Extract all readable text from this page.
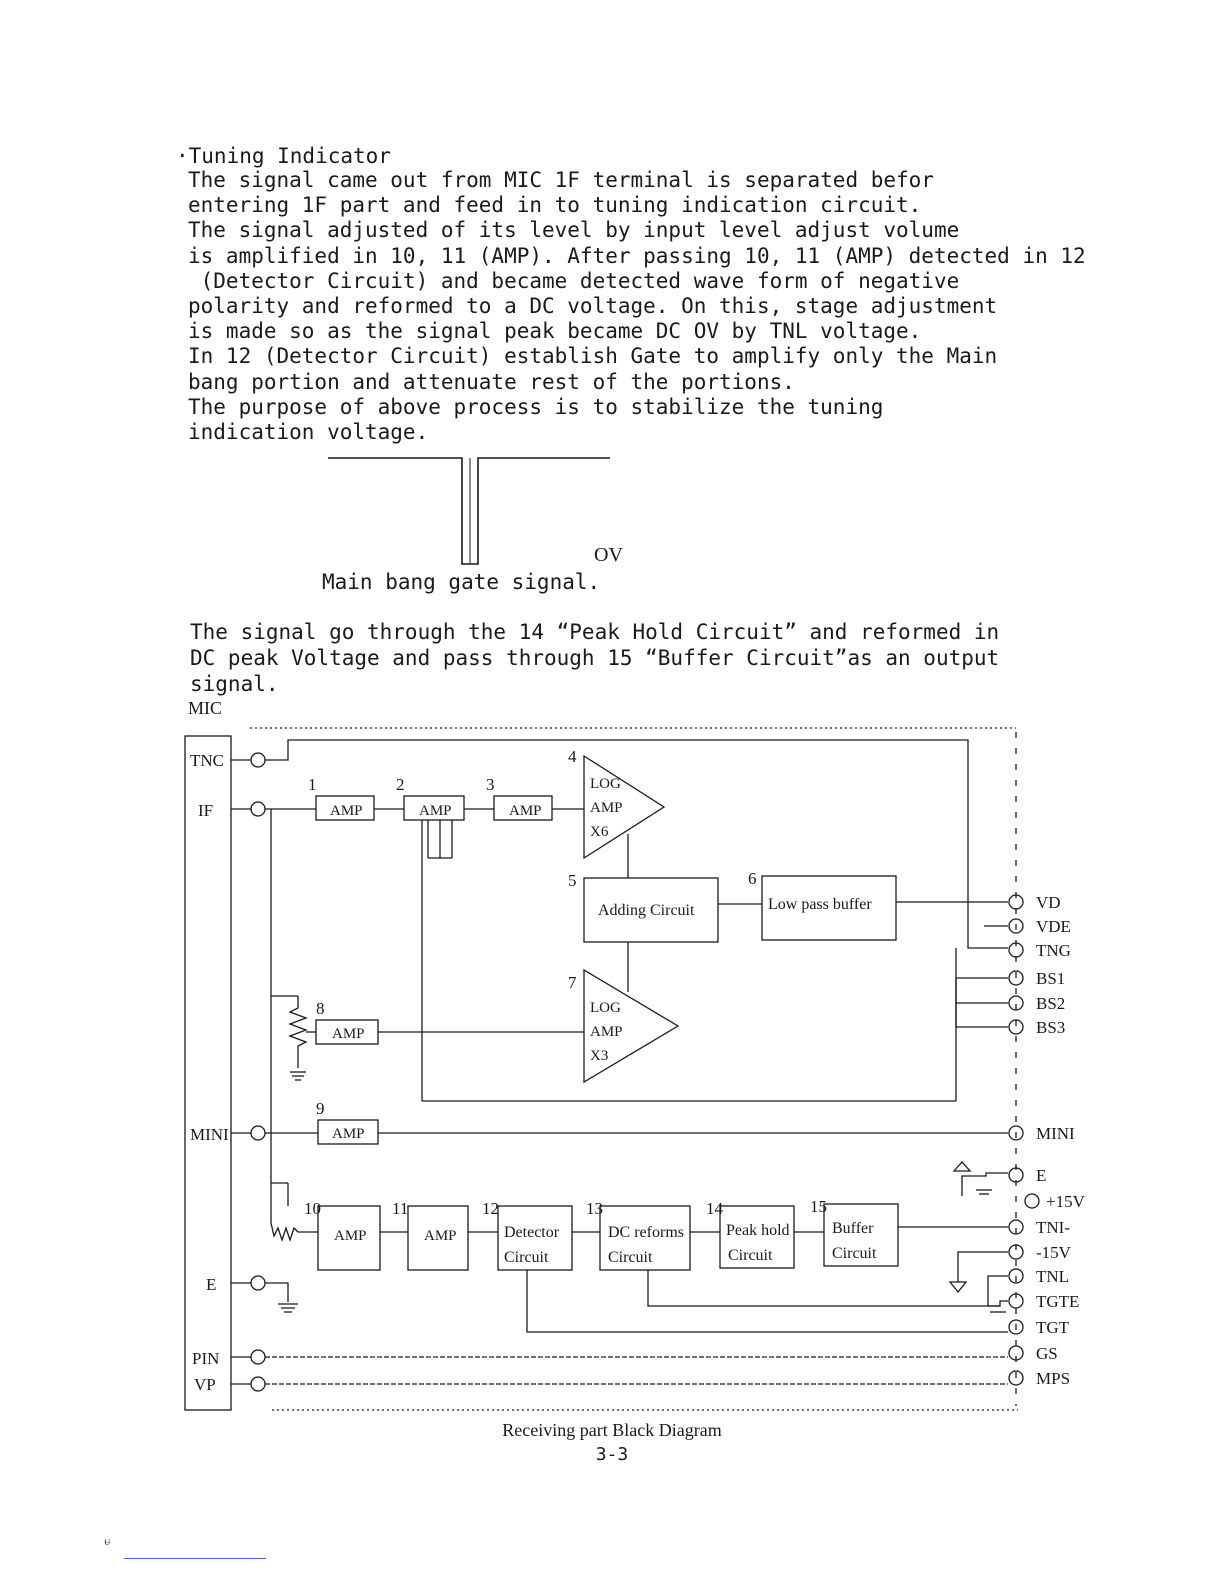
·Tuning Indicator
The signal came out from MIC 1F terminal is separated befor
entering 1F part and feed in to tuning indication circuit.
The signal adjusted of its level by input level adjust volume
is amplified in 10, 11 (AMP). After passing 10, 11 (AMP) detected in 12
(Detector Circuit) and became detected wave form of negative
polarity and reformed to a DC voltage. On this, stage adjustment
is made so as the signal peak became DC OV by TNL voltage.
In 12 (Detector Circuit) establish Gate to amplify only the Main
bang portion and attenuate rest of the portions.
The purpose of above process is to stabilize the tuning
indication voltage.
OV
Main bang gate signal.
The signal go through the 14 “Peak Hold Circuit” and reformed in
DC peak Voltage and pass through 15 “Buffer Circuit”as an output
signal.
MIC
TNC
IF
MINI
E
PIN
VP
1
AMP
2
AMP
3
AMP
4
LOG
AMP
X6
5
Adding Circuit
6
Low pass buffer
7
LOG
AMP
X3
8
AMP
9
AMP
10
AMP
11
AMP
12
Detector
Circuit
13
DC reforms
Circuit
14
Peak hold
Circuit
15
Buffer
Circuit
VD
VDE
TNG
BS1
BS2
BS3
MINI
E
+15V
TNI-
-15V
TNL
TGTE
TGT
GS
MPS
Receiving part Black Diagram
3-3
ᵾ
